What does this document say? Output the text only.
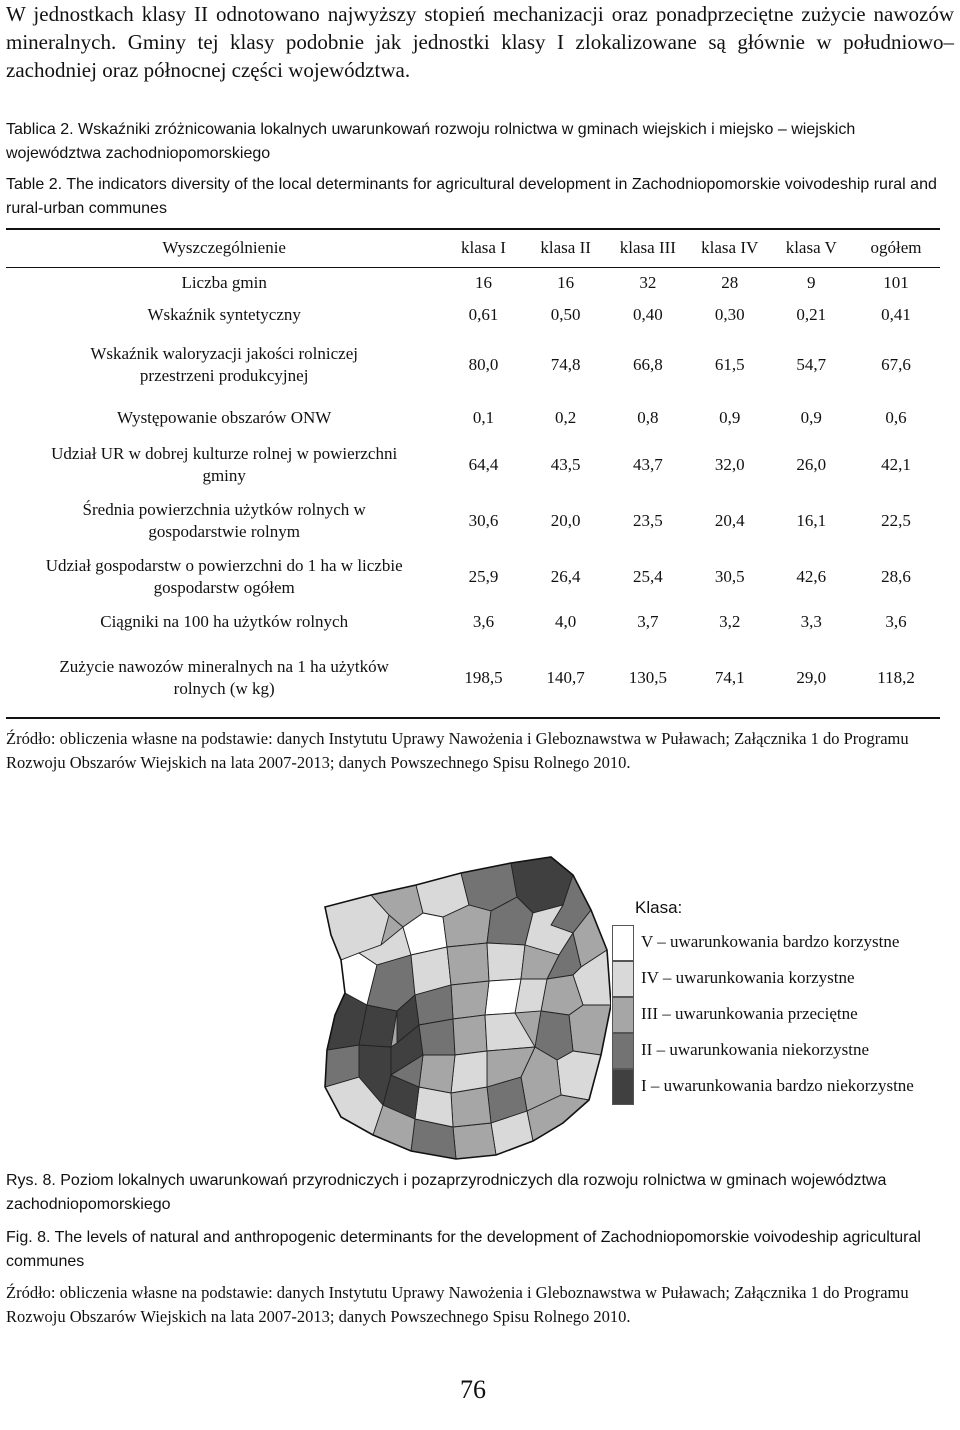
W jednostkach klasy II odnotowano najwyższy stopień mechanizacji oraz ponadprzeciętne zużycie nawozów mineralnych. Gminy tej klasy podobnie jak jednostki klasy I zlokalizowane są głównie w południowo–zachodniej oraz północnej części województwa.

Tablica 2. Wskaźniki zróżnicowania lokalnych uwarunkowań rozwoju rolnictwa w gminach wiejskich i miejsko – wiejskich województwa zachodniopomorskiego

Table 2. The indicators diversity of the local determinants for agricultural development in Zachodniopomorskie voivodeship rural and rural-urban communes

Wyszczególnienie	klasa I	klasa II	klasa III	klasa IV	klasa V	ogółem
Liczba gmin	16	16	32	28	9	101
Wskaźnik syntetyczny	0,61	0,50	0,40	0,30	0,21	0,41
Wskaźnik waloryzacji jakości rolniczej przestrzeni produkcyjnej	80,0	74,8	66,8	61,5	54,7	67,6
Występowanie obszarów ONW	0,1	0,2	0,8	0,9	0,9	0,6
Udział UR w dobrej kulturze rolnej w powierzchni gminy	64,4	43,5	43,7	32,0	26,0	42,1
Średnia powierzchnia użytków rolnych w gospodarstwie rolnym	30,6	20,0	23,5	20,4	16,1	22,5
Udział gospodarstw o powierzchni do 1 ha w liczbie gospodarstw ogółem	25,9	26,4	25,4	30,5	42,6	28,6
Ciągniki na 100 ha użytków rolnych	3,6	4,0	3,7	3,2	3,3	3,6
Zużycie nawozów mineralnych na 1 ha użytków rolnych (w kg)	198,5	140,7	130,5	74,1	29,0	118,2

Źródło: obliczenia własne na podstawie: danych Instytutu Uprawy Nawożenia i Gleboznawstwa w Puławach; Załącznika 1 do Programu Rozwoju Obszarów Wiejskich na lata 2007-2013; danych Powszechnego Spisu Rolnego 2010.

Klasa:
V – uwarunkowania bardzo korzystne
IV – uwarunkowania korzystne
III – uwarunkowania przeciętne
II – uwarunkowania niekorzystne
I – uwarunkowania bardzo niekorzystne

Rys. 8. Poziom lokalnych uwarunkowań przyrodniczych i pozaprzyrodniczych dla rozwoju rolnictwa w gminach województwa zachodniopomorskiego

Fig. 8. The levels of natural and anthropogenic determinants for the development of Zachodniopomorskie voivodeship agricultural communes

Źródło: obliczenia własne na podstawie: danych Instytutu Uprawy Nawożenia i Gleboznawstwa w Puławach; Załącznika 1 do Programu Rozwoju Obszarów Wiejskich na lata 2007-2013; danych Powszechnego Spisu Rolnego 2010.

76
